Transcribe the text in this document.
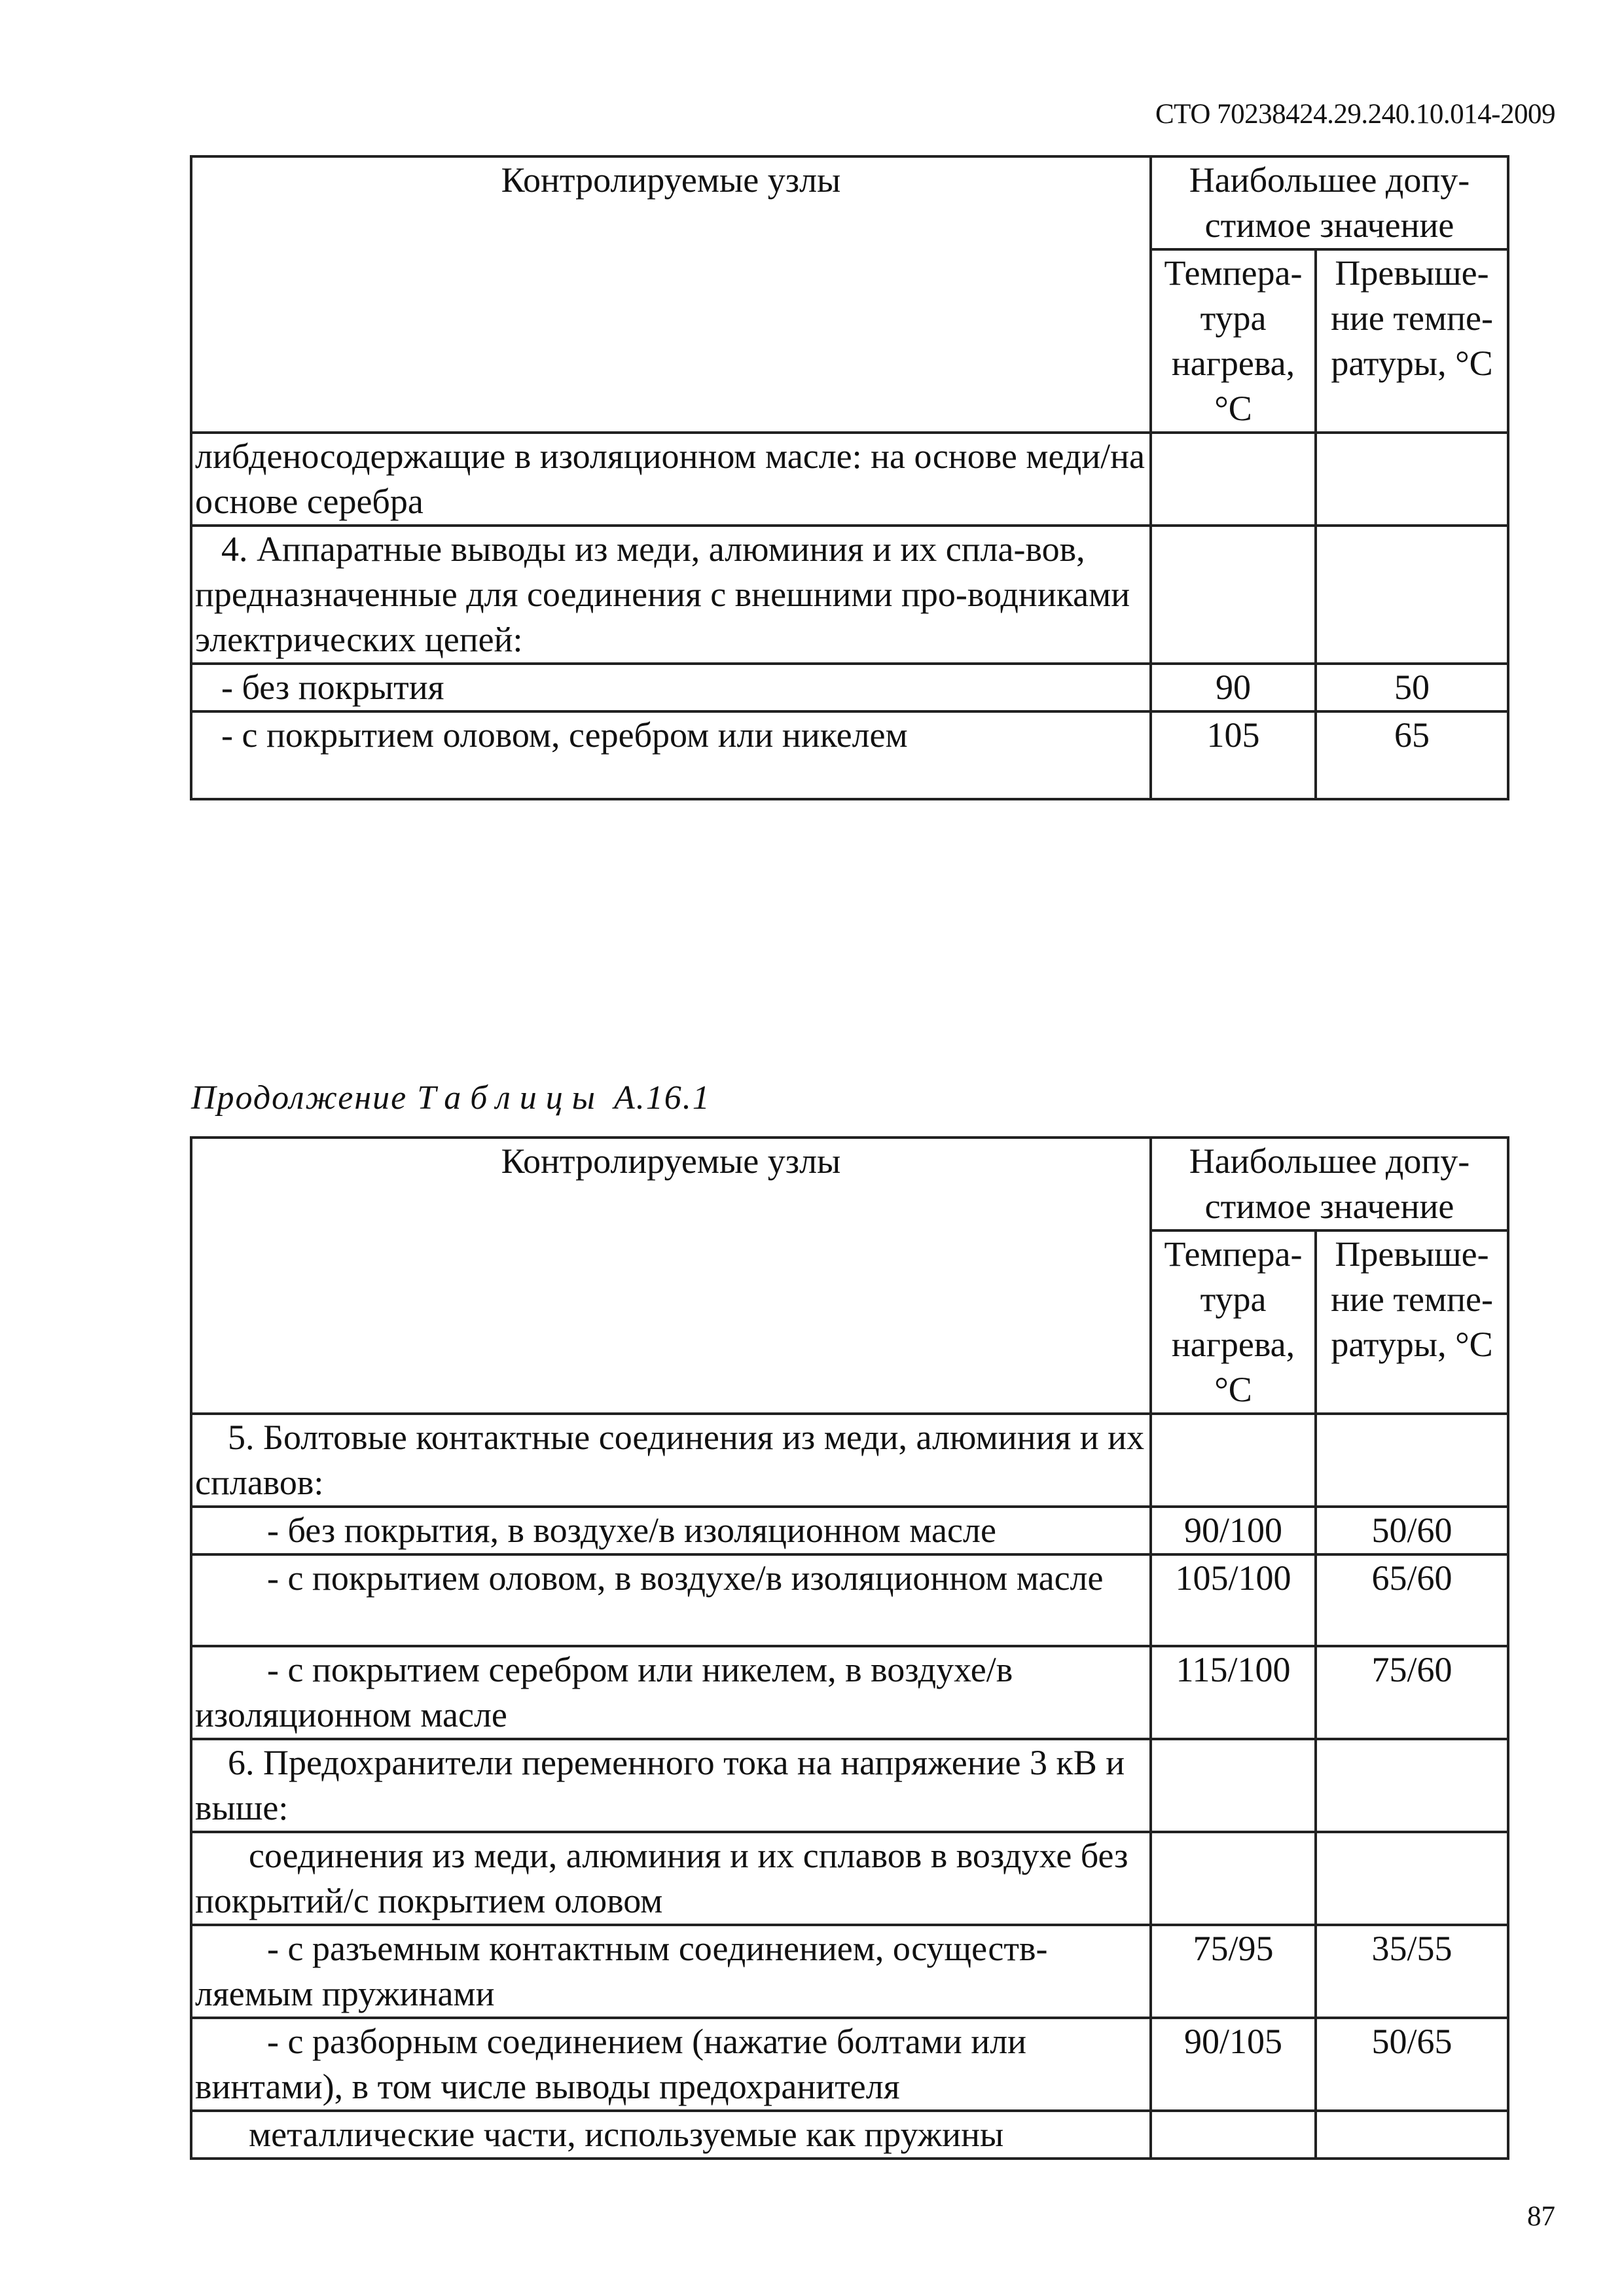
СТО 70238424.29.240.10.014-2009
Контролируемые узлы	Наибольшее допу-стимое значение	
	Темпера-тура нагрева, °С	Превыше-ние темпе-ратуры, °С
либденосодержащие в изоляционном масле: на основе меди/на основе серебра		
4. Аппаратные выводы из меди, алюминия и их спла-вов, предназначенные для соединения с внешними про-водниками электрических цепей:		
- без покрытия	90	50
- с покрытием оловом, серебром или никелем	105	65
Продолжение Таблицы А.16.1
Контролируемые узлы	Наибольшее допу-стимое значение	
	Темпера-тура нагрева, °С	Превыше-ние темпе-ратуры, °С
5. Болтовые контактные соединения из меди, алюминия и их сплавов:		
- без покрытия, в воздухе/в изоляционном масле	90/100	50/60
- с покрытием оловом, в воздухе/в изоляционном масле	105/100	65/60
- с покрытием серебром или никелем, в воздухе/в изоляционном масле	115/100	75/60
6. Предохранители переменного тока на напряжение 3 кВ и выше:		
соединения из меди, алюминия и их сплавов в воздухе без покрытий/с покрытием оловом		
- с разъемным контактным соединением, осуществ-ляемым пружинами	75/95	35/55
- с разборным соединением (нажатие болтами или винтами), в том числе выводы предохранителя	90/105	50/65
металлические части, используемые как пружины		
87
